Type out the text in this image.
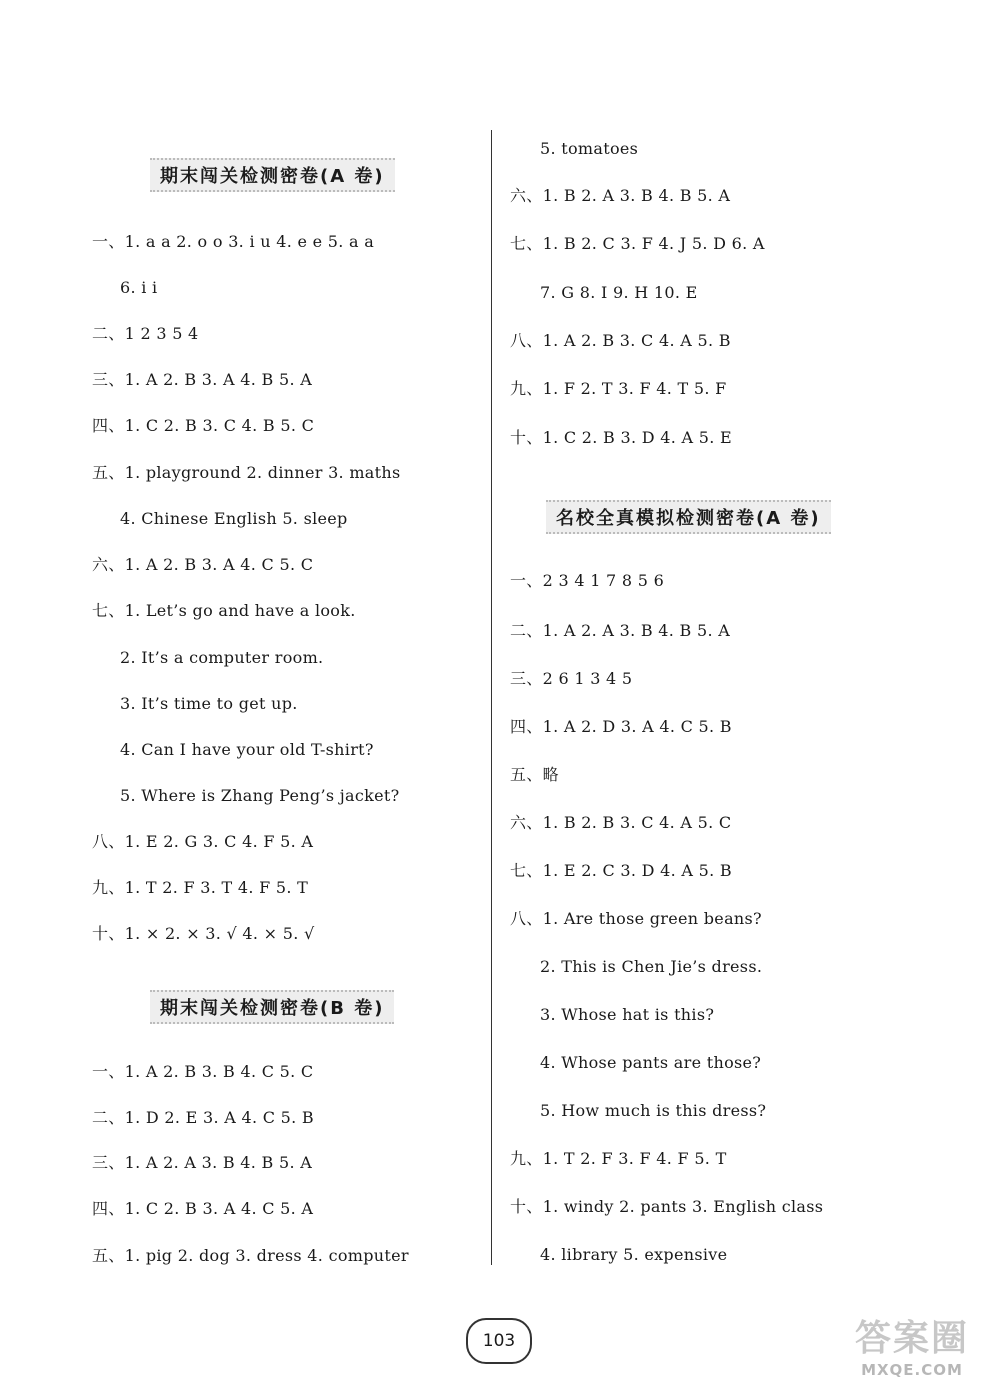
期末闯关检测密卷(A 卷)
一、1. a a 2. o o 3. i u 4. e e 5. a a
6. i i
二、1 2 3 5 4
三、1. A 2. B 3. A 4. B 5. A
四、1. C 2. B 3. C 4. B 5. C
五、1. playground 2. dinner 3. maths
4. Chinese English 5. sleep
六、1. A 2. B 3. A 4. C 5. C
七、1. Let’s go and have a look.
2. It’s a computer room.
3. It’s time to get up.
4. Can I have your old T-shirt?
5. Where is Zhang Peng’s jacket?
八、1. E 2. G 3. C 4. F 5. A
九、1. T 2. F 3. T 4. F 5. T
十、1. × 2. × 3. √ 4. × 5. √
期末闯关检测密卷(B 卷)
一、1. A 2. B 3. B 4. C 5. C
二、1. D 2. E 3. A 4. C 5. B
三、1. A 2. A 3. B 4. B 5. A
四、1. C 2. B 3. A 4. C 5. A
五、1. pig 2. dog 3. dress 4. computer
5. tomatoes
六、1. B 2. A 3. B 4. B 5. A
七、1. B 2. C 3. F 4. J 5. D 6. A
7. G 8. I 9. H 10. E
八、1. A 2. B 3. C 4. A 5. B
九、1. F 2. T 3. F 4. T 5. F
十、1. C 2. B 3. D 4. A 5. E
名校全真模拟检测密卷(A 卷)
一、2 3 4 1 7 8 5 6
二、1. A 2. A 3. B 4. B 5. A
三、2 6 1 3 4 5
四、1. A 2. D 3. A 4. C 5. B
五、略
六、1. B 2. B 3. C 4. A 5. C
七、1. E 2. C 3. D 4. A 5. B
八、1. Are those green beans?
2. This is Chen Jie’s dress.
3. Whose hat is this?
4. Whose pants are those?
5. How much is this dress?
九、1. T 2. F 3. F 4. F 5. T
十、1. windy 2. pants 3. English class
4. library 5. expensive
103	答案圈
MXQE.COM
